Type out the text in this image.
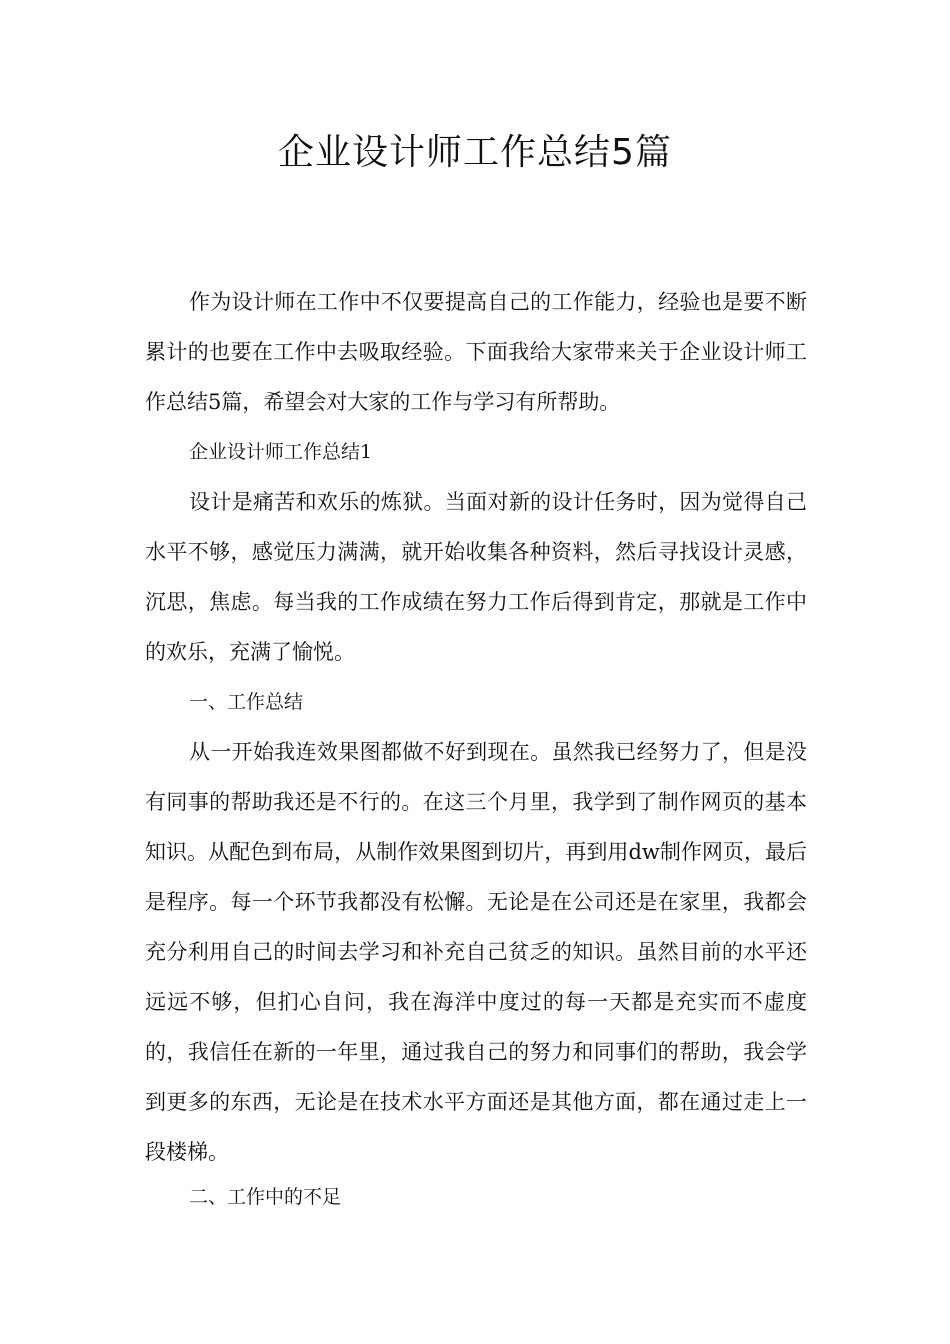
企业设计师工作总结5篇

作为设计师在工作中不仅要提高自己的工作能力，经验也是要不断累计的也要在工作中去吸取经验。下面我给大家带来关于企业设计师工作总结5篇，希望会对大家的工作与学习有所帮助。

企业设计师工作总结1

设计是痛苦和欢乐的炼狱。当面对新的设计任务时，因为觉得自己水平不够，感觉压力满满，就开始收集各种资料，然后寻找设计灵感，沉思，焦虑。每当我的工作成绩在努力工作后得到肯定，那就是工作中的欢乐，充满了愉悦。

一、工作总结

从一开始我连效果图都做不好到现在。虽然我已经努力了，但是没有同事的帮助我还是不行的。在这三个月里，我学到了制作网页的基本知识。从配色到布局，从制作效果图到切片，再到用dw制作网页，最后是程序。每一个环节我都没有松懈。无论是在公司还是在家里，我都会充分利用自己的时间去学习和补充自己贫乏的知识。虽然目前的水平还远远不够，但扪心自问，我在海洋中度过的每一天都是充实而不虚度的，我信任在新的一年里，通过我自己的努力和同事们的帮助，我会学到更多的东西，无论是在技术水平方面还是其他方面，都在通过走上一段楼梯。

二、工作中的不足
